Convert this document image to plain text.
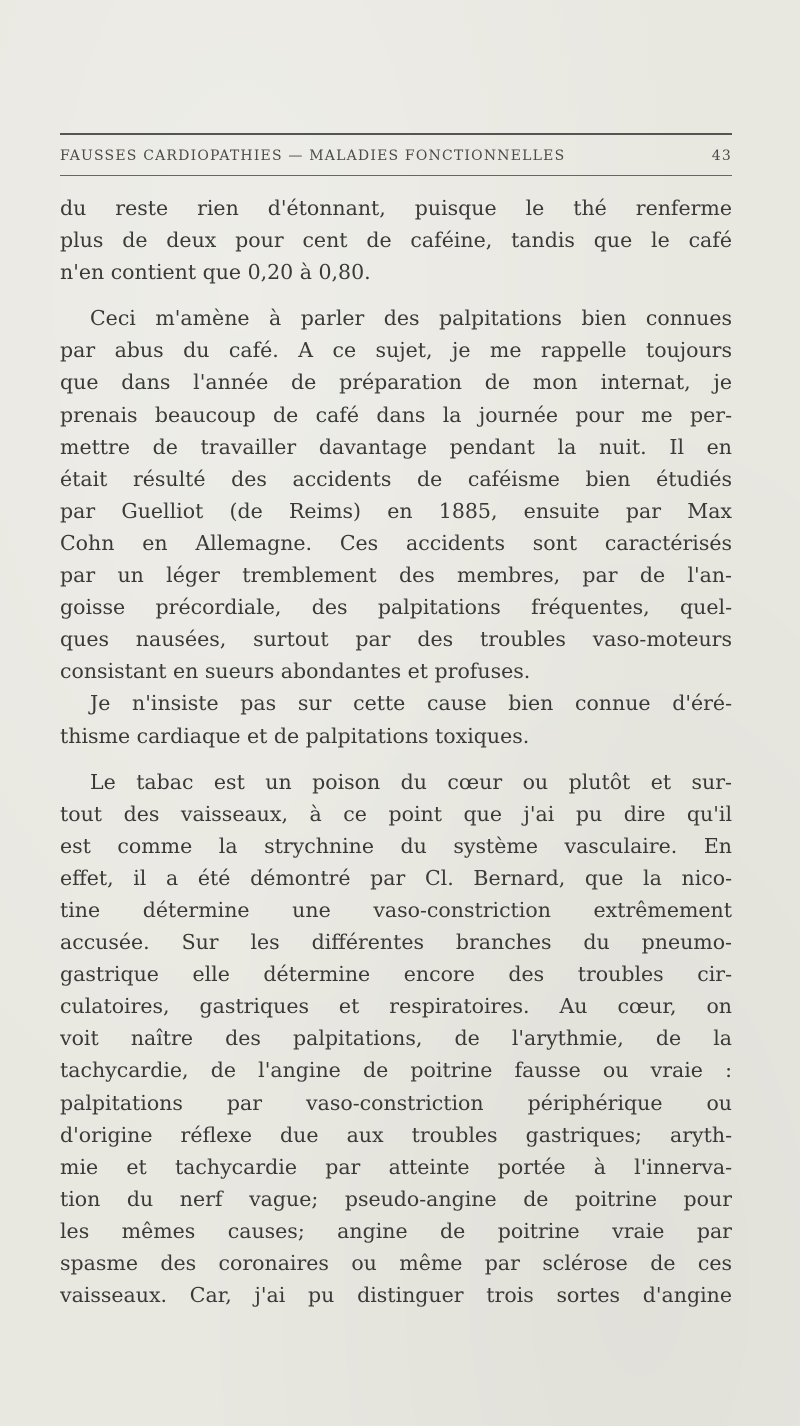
FAUSSES CARDIOPATHIES — MALADIES FONCTIONNELLES	43
du reste rien d'étonnant, puisque le thé renferme
plus de deux pour cent de caféine, tandis que le café
n'en contient que 0,20 à 0,80.
Ceci m'amène à parler des palpitations bien connues
par abus du café. A ce sujet, je me rappelle toujours
que dans l'année de préparation de mon internat, je
prenais beaucoup de café dans la journée pour me per-
mettre de travailler davantage pendant la nuit. Il en
était résulté des accidents de caféisme bien étudiés
par Guelliot (de Reims) en 1885, ensuite par Max
Cohn en Allemagne. Ces accidents sont caractérisés
par un léger tremblement des membres, par de l'an-
goisse précordiale, des palpitations fréquentes, quel-
ques nausées, surtout par des troubles vaso-moteurs
consistant en sueurs abondantes et profuses.
Je n'insiste pas sur cette cause bien connue d'éré-
thisme cardiaque et de palpitations toxiques.
Le tabac est un poison du cœur ou plutôt et sur-
tout des vaisseaux, à ce point que j'ai pu dire qu'il
est comme la strychnine du système vasculaire. En
effet, il a été démontré par Cl. Bernard, que la nico-
tine détermine une vaso-constriction extrêmement
accusée. Sur les différentes branches du pneumo-
gastrique elle détermine encore des troubles cir-
culatoires, gastriques et respiratoires. Au cœur, on
voit naître des palpitations, de l'arythmie, de la
tachycardie, de l'angine de poitrine fausse ou vraie :
palpitations par vaso-constriction périphérique ou
d'origine réflexe due aux troubles gastriques; aryth-
mie et tachycardie par atteinte portée à l'innerva-
tion du nerf vague; pseudo-angine de poitrine pour
les mêmes causes; angine de poitrine vraie par
spasme des coronaires ou même par sclérose de ces
vaisseaux. Car, j'ai pu distinguer trois sortes d'angine
